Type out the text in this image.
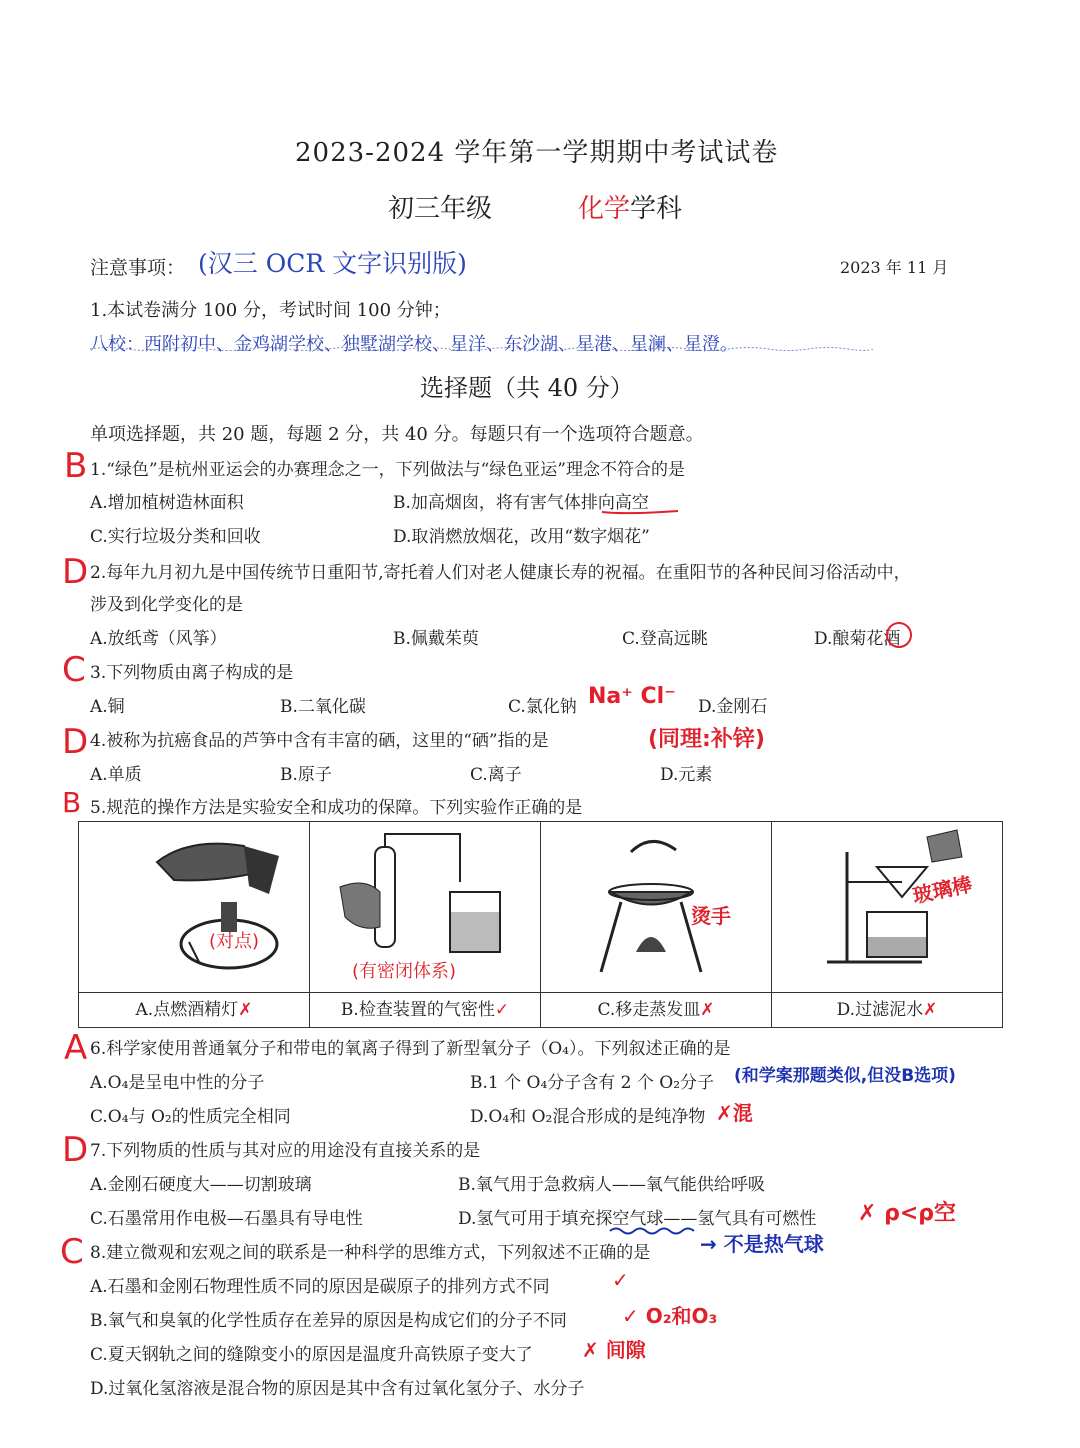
2023-2024 学年第一学期期中考试试卷
初三年级	化学学科
注意事项： (汉三 OCR 文字识别版)	2023 年 11 月
1.本试卷满分 100 分，考试时间 100 分钟；
八校：西附初中、金鸡湖学校、独墅湖学校、星洋、东沙湖、星港、星澜、星澄。
选择题（共 40 分）
单项选择题，共 20 题，每题 2 分，共 40 分。每题只有一个选项符合题意。
B 1.“绿色”是杭州亚运会的办赛理念之一，下列做法与“绿色亚运”理念不符合的是
A.增加植树造林面积	B.加高烟囱，将有害气体排向高空
C.实行垃圾分类和回收	D.取消燃放烟花，改用“数字烟花”
D 2.每年九月初九是中国传统节日重阳节,寄托着人们对老人健康长寿的祝福。在重阳节的各种民间习俗活动中，
涉及到化学变化的是
A.放纸鸢（风筝）	B.佩戴茱萸	C.登高远眺	D.酿菊花酒
C 3.下列物质由离子构成的是
A.铜	B.二氧化碳	C.氯化钠 Na⁺ Cl⁻ D.金刚石
D 4.被称为抗癌食品的芦笋中含有丰富的硒，这里的“硒”指的是	(同理:补锌)
A.单质	B.原子	C.离子	D.元素
B 5.规范的操作方法是实验安全和成功的保障。下列实验作正确的是
(对点)	(有密闭体系)	烫手	玻璃棒

A.点燃酒精灯✗	B.检查装置的气密性✓	C.移走蒸发皿✗	D.过滤泥水✗
A 6.科学家使用普通氧分子和带电的氧离子得到了新型氧分子（O₄）。下列叙述正确的是
A.O₄是呈电中性的分子	B.1 个 O₄分子含有 2 个 O₂分子 (和学案那题类似,但没B选项)
C.O₄与 O₂的性质完全相同	D.O₄和 O₂混合形成的是纯净物 ✗混
D 7.下列物质的性质与其对应的用途没有直接关系的是
A.金刚石硬度大——切割玻璃	B.氧气用于急救病人——氧气能供给呼吸
C.石墨常用作电极—石墨具有导电性	D.氢气可用于填充探空气球——氢气具有可燃性 ✗ ρ<ρ空
C 8.建立微观和宏观之间的联系是一种科学的思维方式，下列叙述不正确的是 → 不是热气球
A.石墨和金刚石物理性质不同的原因是碳原子的排列方式不同	✓
B.氧气和臭氧的化学性质存在差异的原因是构成它们的分子不同	✓ O₂和O₃
C.夏天钢轨之间的缝隙变小的原因是温度升高铁原子变大了 ✗ 间隙
D.过氧化氢溶液是混合物的原因是其中含有过氧化氢分子、水分子
